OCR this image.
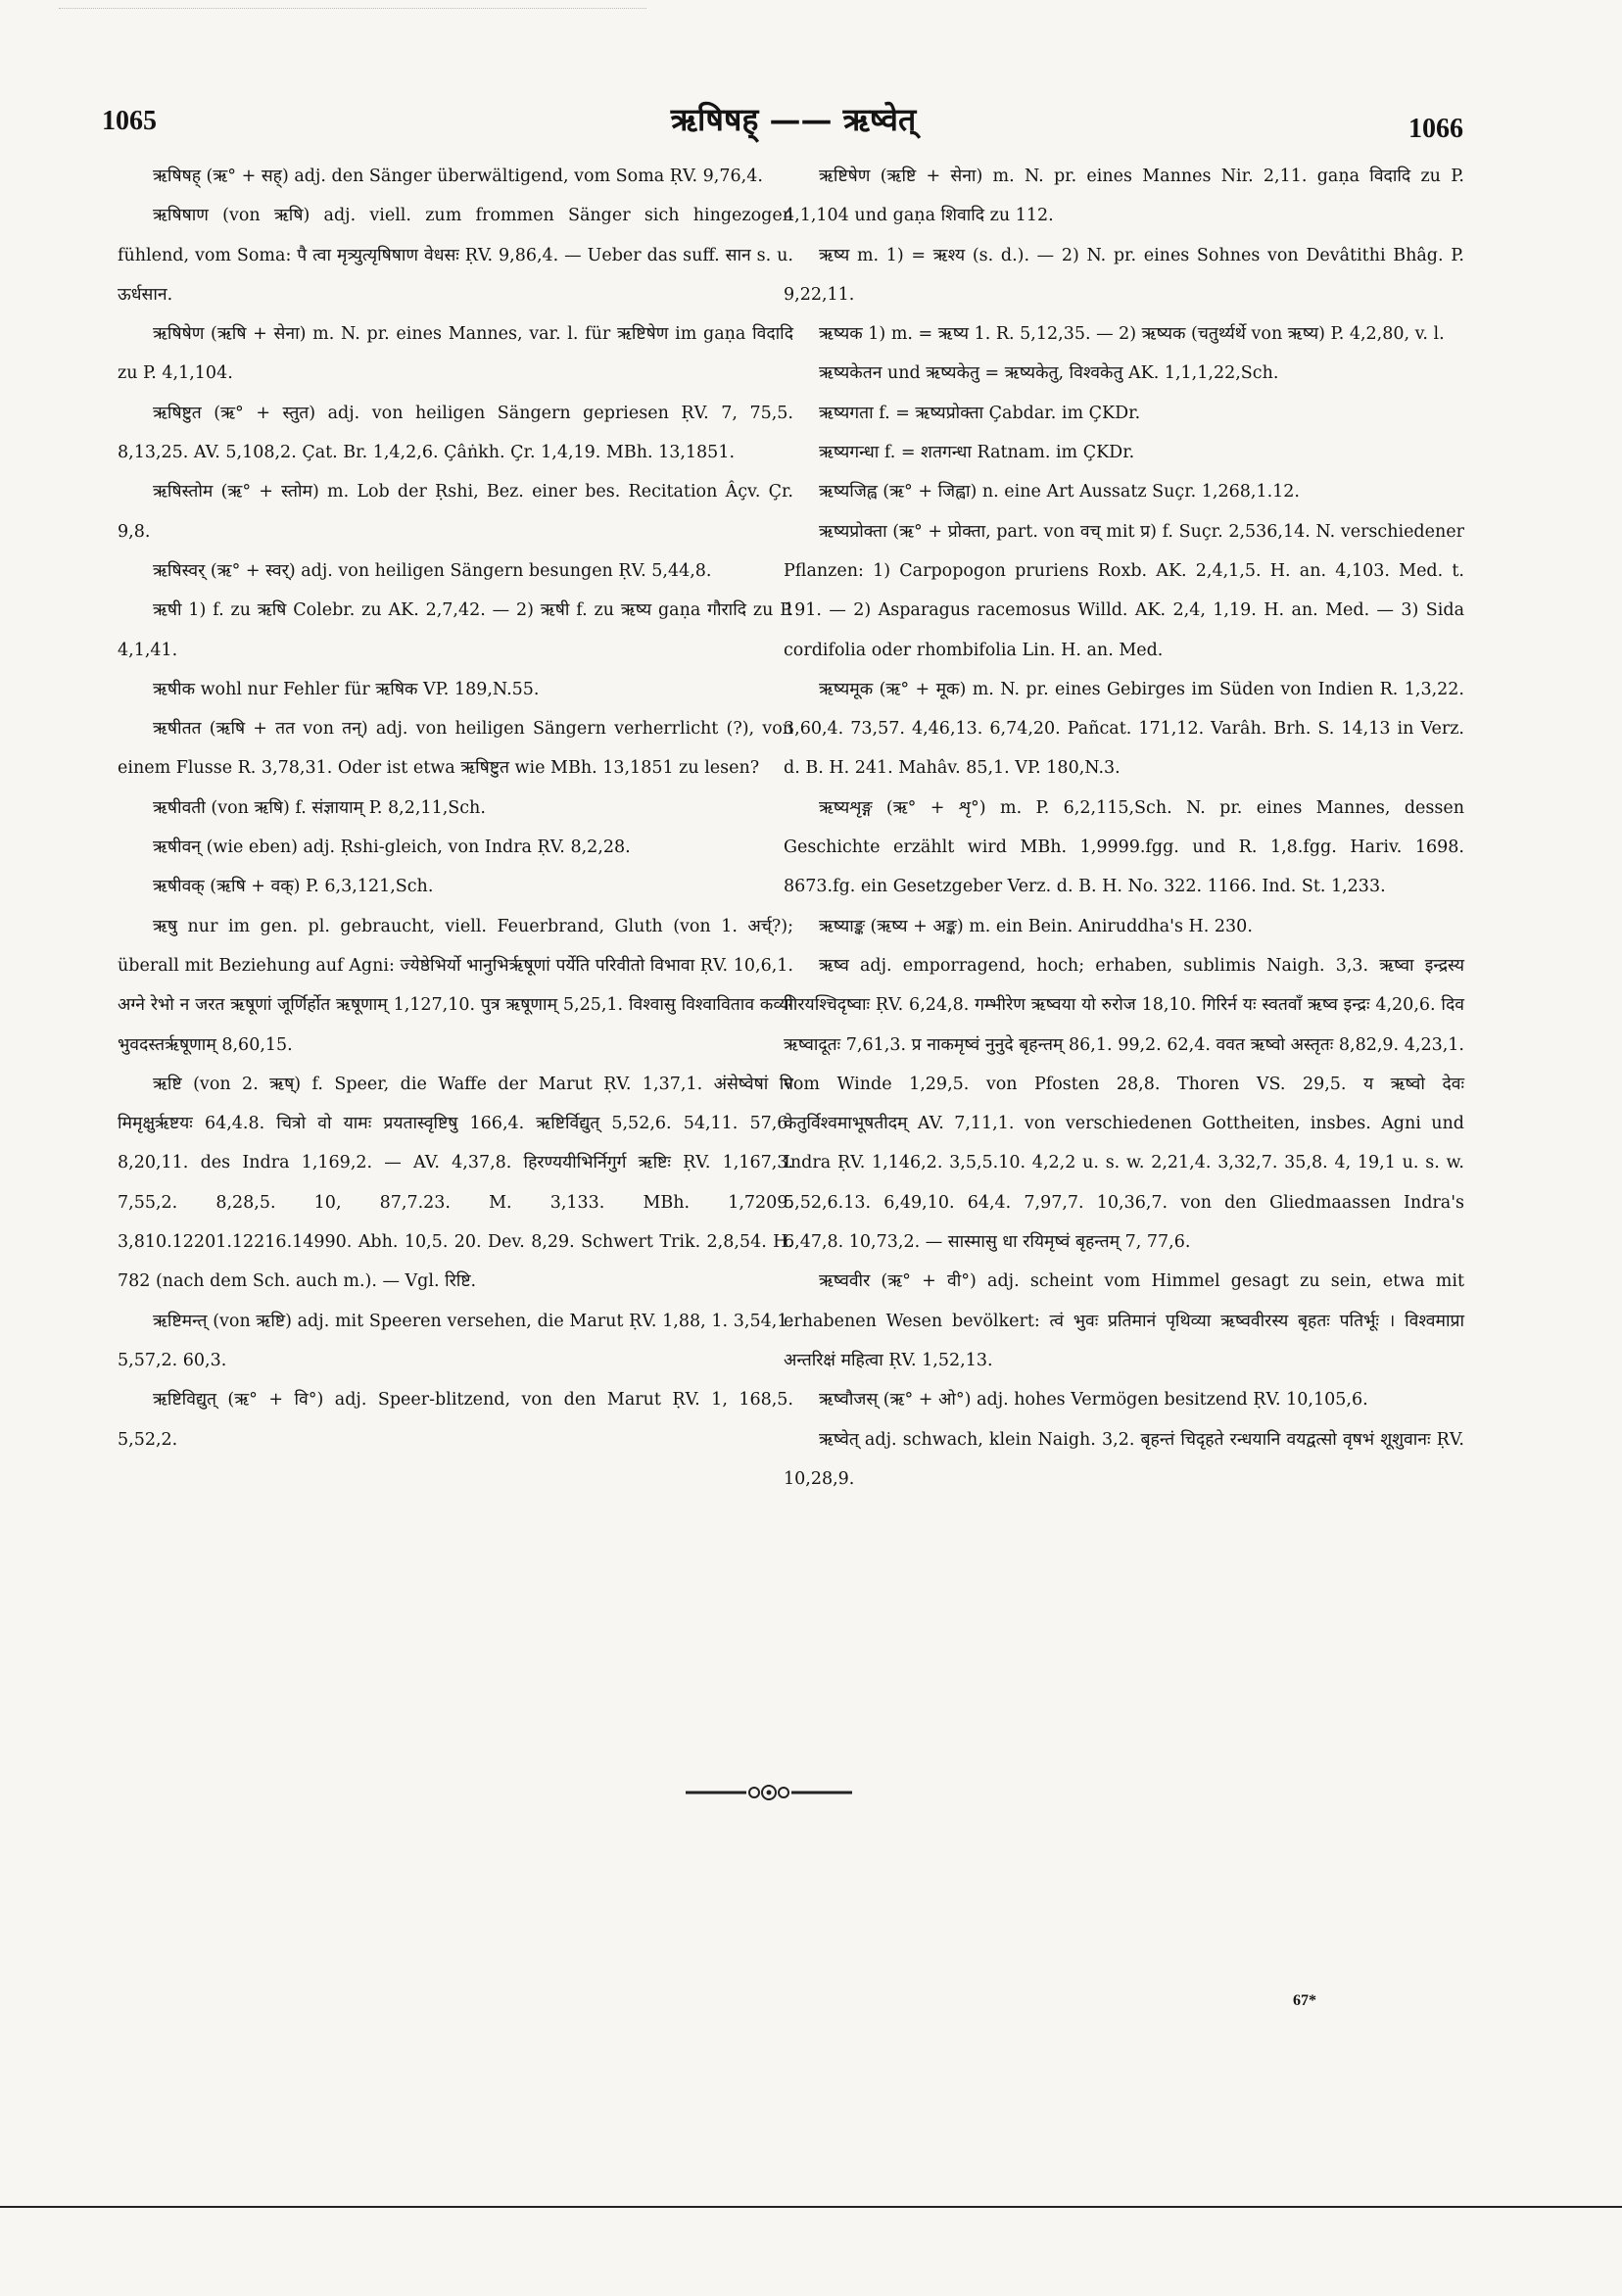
1065	ऋषिषह् —— ऋष्वेत्	1066

ऋषिषह् (ऋ° + सह्) adj. den Sänger überwältigend, vom Soma ṚV. 9,76,4.

ऋषिषाण (von ऋषि) adj. viell. zum frommen Sänger sich hingezogen fühlend, vom Soma: पै त्वा मृत्र्युत्यृषिषाण वेधसः ṚV. 9,86,4. — Ueber das suff. सान s. u. ऊर्धसान.

ऋषिषेण (ऋषि + सेना) m. N. pr. eines Mannes, var. l. für ऋष्टिषेण im gaṇa विदादि zu P. 4,1,104.

ऋषिष्टुत (ऋ° + स्तुत) adj. von heiligen Sängern gepriesen ṚV. 7, 75,5. 8,13,25. AV. 5,108,2. Çat. Br. 1,4,2,6. Çâṅkh. Çr. 1,4,19. MBh. 13,1851.

ऋषिस्तोम (ऋ° + स्तोम) m. Lob der Ṛshi, Bez. einer bes. Recitation Âçv. Çr. 9,8.

ऋषिस्वर् (ऋ° + स्वर्) adj. von heiligen Sängern besungen ṚV. 5,44,8.

ऋषी 1) f. zu ऋषि Colebr. zu AK. 2,7,42. — 2) ऋषी f. zu ऋष्य gaṇa गौरादि zu P. 4,1,41.

ऋषीक wohl nur Fehler für ऋषिक VP. 189,N.55.

ऋषीतत (ऋषि + तत von तन्) adj. von heiligen Sängern verherrlicht (?), von einem Flusse R. 3,78,31. Oder ist etwa ऋषिष्टुत wie MBh. 13,1851 zu lesen?

ऋषीवती (von ऋषि) f. संज्ञायाम् P. 8,2,11,Sch.

ऋषीवन् (wie eben) adj. Ṛshi-gleich, von Indra ṚV. 8,2,28.

ऋषीवक् (ऋषि + वक्) P. 6,3,121,Sch.

ऋषु nur im gen. pl. gebraucht, viell. Feuerbrand, Gluth (von 1. अर्च्?); überall mit Beziehung auf Agni: ज्येष्ठेभिर्यो भानुभिर्ऋषूणां पर्येति परिवीतो विभावा ṚV. 10,6,1. अग्ने रेभो न जरत ऋषूणां जूर्णिर्होत ऋषूणाम् 1,127,10. पुत्र ऋषूणाम् 5,25,1. विश्वासु विश्वाविताव कव्यो भुवदस्तर्ऋषूणाम् 8,60,15.

ऋष्टि (von 2. ऋष्) f. Speer, die Waffe der Marut ṚV. 1,37,1. अंसेष्वेषां नि मिमृक्षुर्ऋष्टयः 64,4.8. चित्रो वो यामः प्रयतास्वृष्टिषु 166,4. ऋष्टिर्विद्युत् 5,52,6. 54,11. 57,6. 8,20,11. des Indra 1,169,2. — AV. 4,37,8. हिरण्ययीभिर्निगुर्ग ऋष्टिः ṚV. 1,167,3. 7,55,2. 8,28,5. 10, 87,7.23. M. 3,133. MBh. 1,7209. 3,810.12201.12216.14990. Abh. 10,5. 20. Dev. 8,29. Schwert Trik. 2,8,54. H. 782 (nach dem Sch. auch m.). — Vgl. रिष्टि.

ऋष्टिमन्त् (von ऋष्टि) adj. mit Speeren versehen, die Marut ṚV. 1,88, 1. 3,54,1. 5,57,2. 60,3.

ऋष्टिविद्युत् (ऋ° + वि°) adj. Speer-blitzend, von den Marut ṚV. 1, 168,5. 5,52,2.

ऋष्टिषेण (ऋष्टि + सेना) m. N. pr. eines Mannes Nir. 2,11. gaṇa विदादि zu P. 4,1,104 und gaṇa शिवादि zu 112.

ऋष्य m. 1) = ऋश्य (s. d.). — 2) N. pr. eines Sohnes von Devâtithi Bhâg. P. 9,22,11.

ऋष्यक 1) m. = ऋष्य 1. R. 5,12,35. — 2) ऋष्यक (चतुर्थ्यर्थे von ऋष्य) P. 4,2,80, v. l.

ऋष्यकेतन und ऋष्यकेतु = ऋष्यकेतु, विश्वकेतु AK. 1,1,1,22,Sch.

ऋष्यगता f. = ऋष्यप्रोक्ता Çabdar. im ÇKDr.

ऋष्यगन्धा f. = शतगन्धा Ratnam. im ÇKDr.

ऋष्यजिह्व (ऋ° + जिह्वा) n. eine Art Aussatz Suçr. 1,268,1.12.

ऋष्यप्रोक्ता (ऋ° + प्रोक्ता, part. von वच् mit प्र) f. Suçr. 2,536,14. N. verschiedener Pflanzen: 1) Carpopogon pruriens Roxb. AK. 2,4,1,5. H. an. 4,103. Med. t. 191. — 2) Asparagus racemosus Willd. AK. 2,4, 1,19. H. an. Med. — 3) Sida cordifolia oder rhombifolia Lin. H. an. Med.

ऋष्यमूक (ऋ° + मूक) m. N. pr. eines Gebirges im Süden von Indien R. 1,3,22. 3,60,4. 73,57. 4,46,13. 6,74,20. Pañcat. 171,12. Varâh. Brh. S. 14,13 in Verz. d. B. H. 241. Mahâv. 85,1. VP. 180,N.3.

ऋष्यशृङ्ग (ऋ° + शृ°) m. P. 6,2,115,Sch. N. pr. eines Mannes, dessen Geschichte erzählt wird MBh. 1,9999.fgg. und R. 1,8.fgg. Hariv. 1698. 8673.fg. ein Gesetzgeber Verz. d. B. H. No. 322. 1166. Ind. St. 1,233.

ऋष्याङ्क (ऋष्य + अङ्क) m. ein Bein. Aniruddha's H. 230.

ऋष्व adj. emporragend, hoch; erhaben, sublimis Naigh. 3,3. ऋष्वा इन्द्रस्य गिरयश्चिदृष्वाः ṚV. 6,24,8. गम्भीरेण ऋष्वया यो रुरोज 18,10. गिरिर्न यः स्वतवाँ ऋष्व इन्द्रः 4,20,6. दिव ऋष्वादूतः 7,61,3. प्र नाकमृष्वं नुनुदे बृहन्तम् 86,1. 99,2. 62,4. ववत ऋष्वो अस्तृतः 8,82,9. 4,23,1. vom Winde 1,29,5. von Pfosten 28,8. Thoren VS. 29,5. य ऋष्वो देवः केतुर्विश्वमाभूषतीदम् AV. 7,11,1. von verschiedenen Gottheiten, insbes. Agni und Indra ṚV. 1,146,2. 3,5,5.10. 4,2,2 u. s. w. 2,21,4. 3,32,7. 35,8. 4, 19,1 u. s. w. 5,52,6.13. 6,49,10. 64,4. 7,97,7. 10,36,7. von den Gliedmaassen Indra's 6,47,8. 10,73,2. — सास्मासु धा रयिमृष्वं बृहन्तम् 7, 77,6.

ऋष्ववीर (ऋ° + वी°) adj. scheint vom Himmel gesagt zu sein, etwa mit erhabenen Wesen bevölkert: त्वं भुवः प्रतिमानं पृथिव्या ऋष्ववीरस्य बृहतः पतिर्भूः । विश्वमाप्रा अन्तरिक्षं महित्वा ṚV. 1,52,13.

ऋष्वौजस् (ऋ° + ओ°) adj. hohes Vermögen besitzend ṚV. 10,105,6.

ऋष्वेत् adj. schwach, klein Naigh. 3,2. बृहन्तं चिदृहते रन्धयानि वयद्वत्सो वृषभं शूशुवानः ṚV. 10,28,9.

67*
